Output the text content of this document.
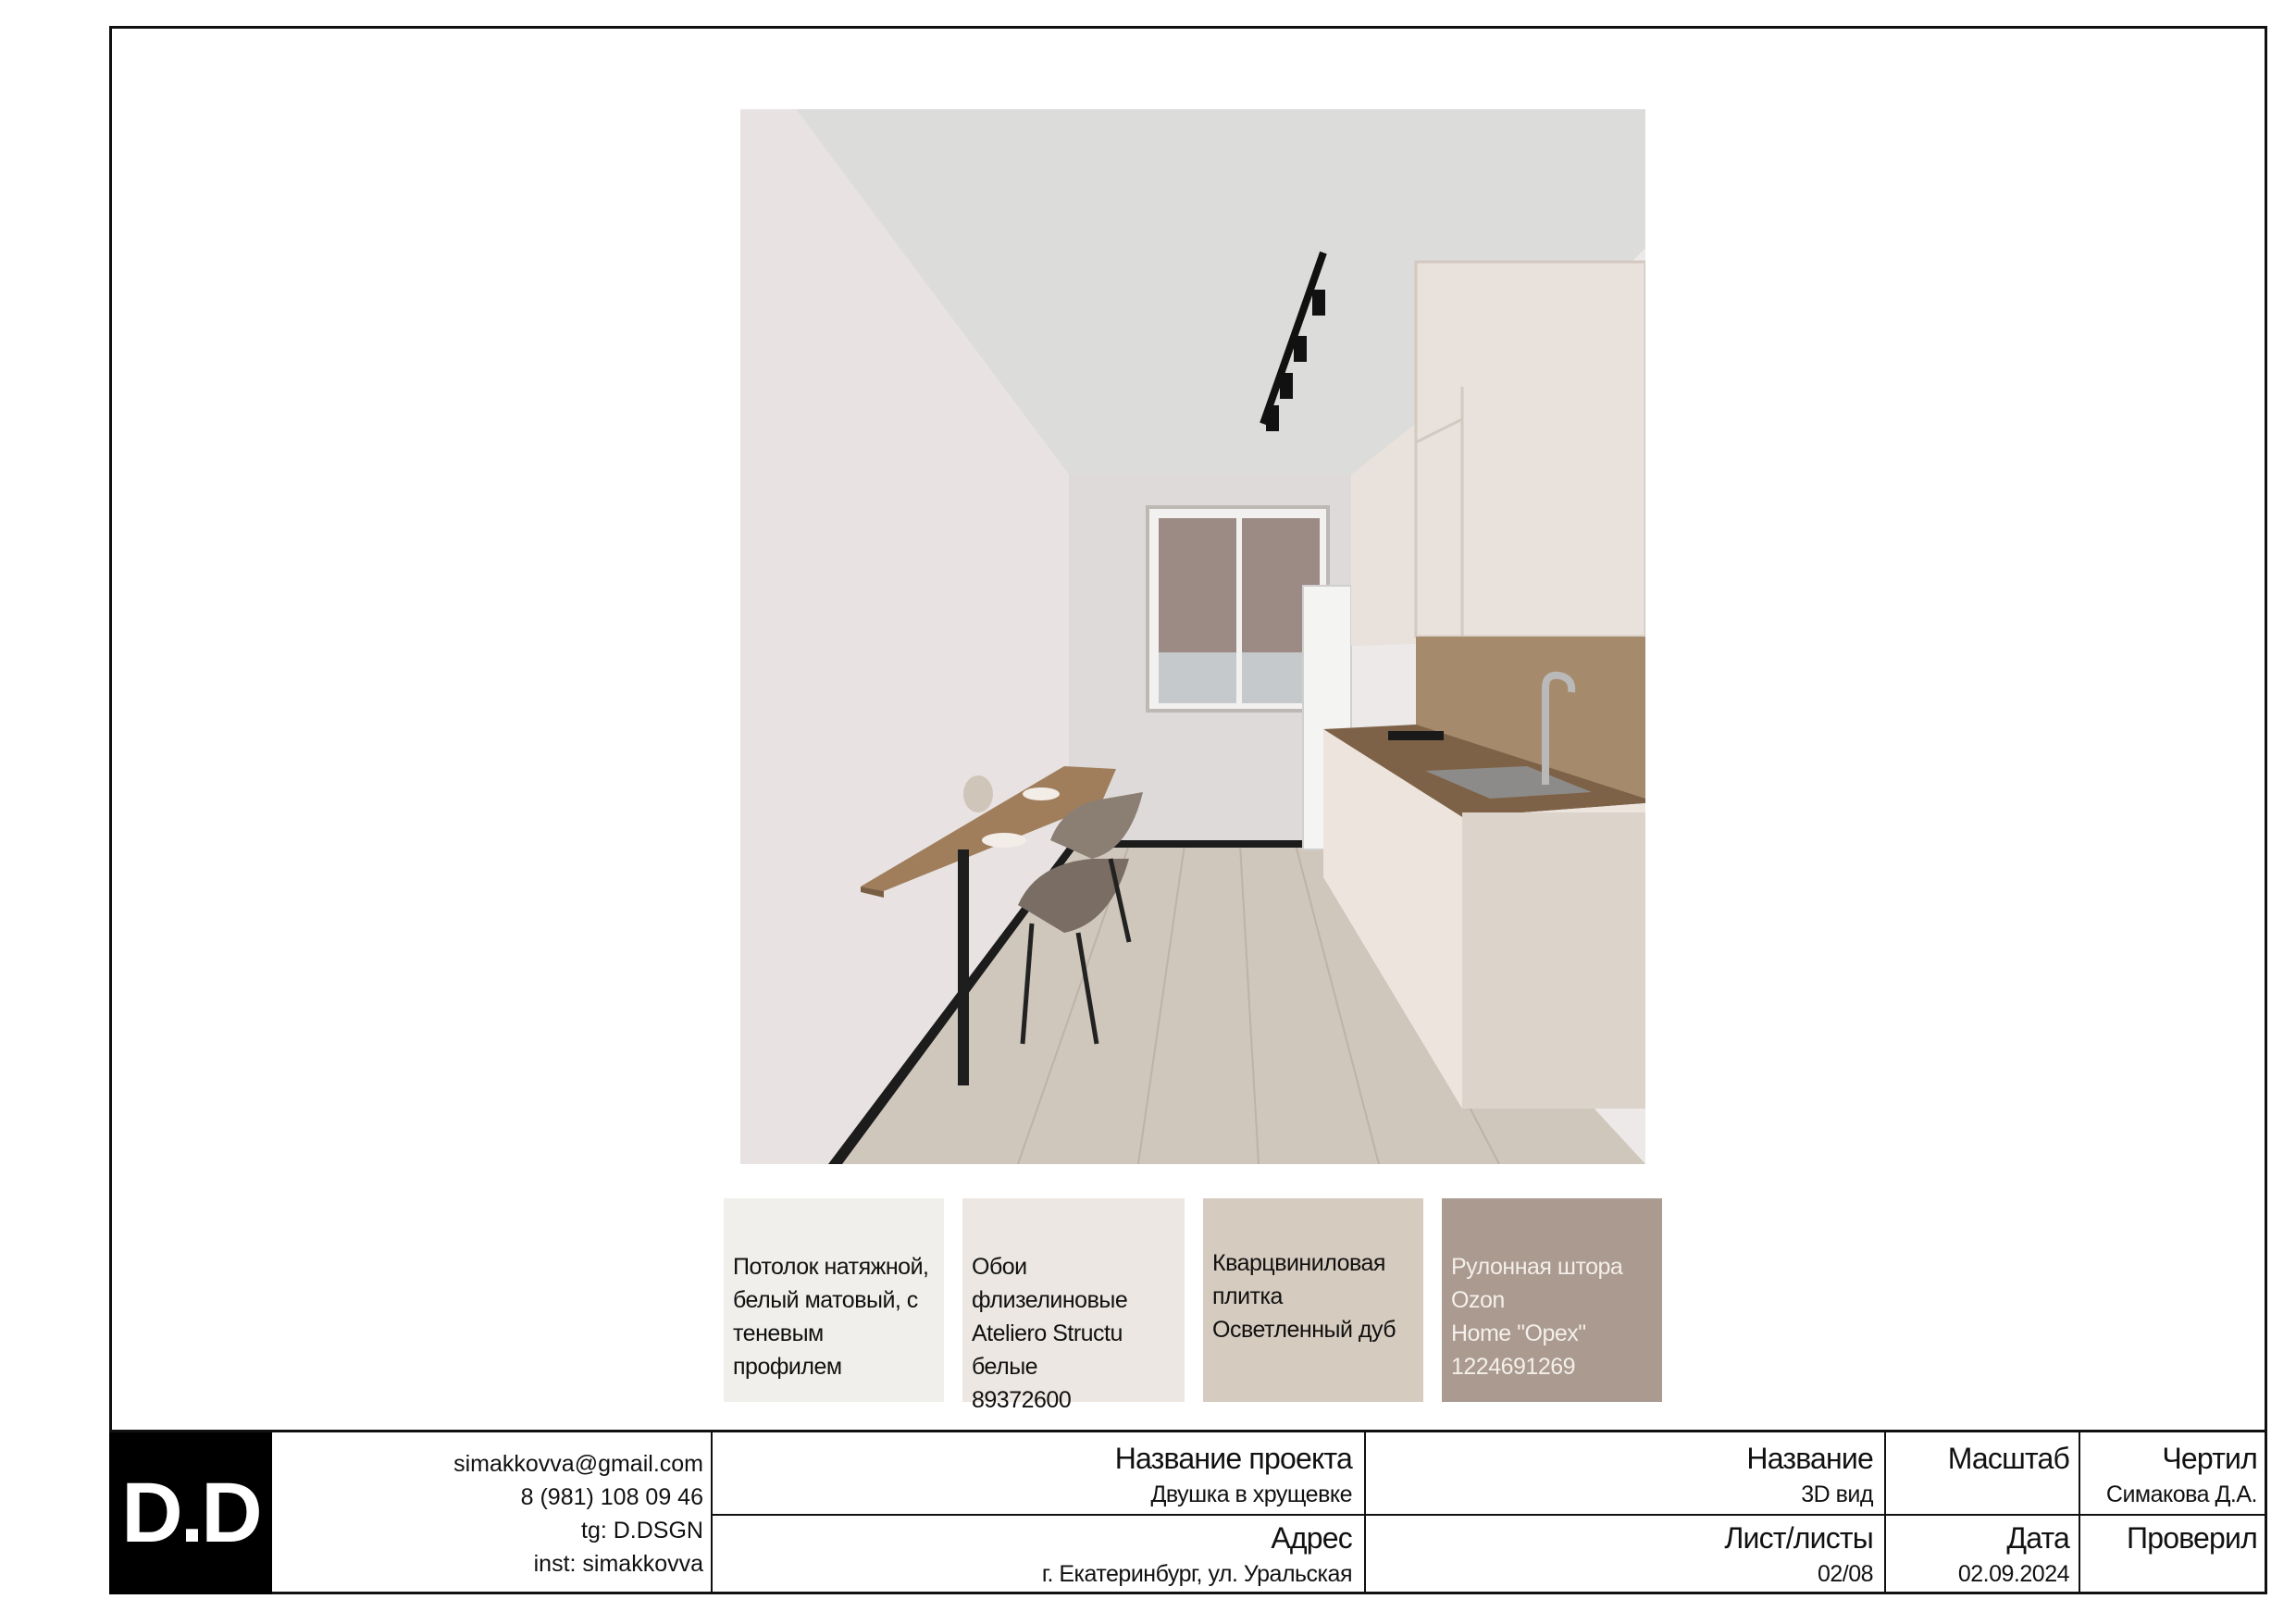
Потолок натяжной,
белый матовый, с
теневым профилем
Обои флизелиновые
Ateliero Structu белые
89372600
Кварцвиниловая
плитка
Осветленный дуб
Рулонная штора Ozon
Home "Opex"
1224691269
D.D
simakkovva@gmail.com
8 (981) 108 09 46
tg: D.DSGN
inst: simakkovva
Название проекта
Двушка в хрущевке
Адрес
г. Екатеринбург, ул. Уральская
Название
3D вид
Лист/листы
02/08
Масштаб
Дата
02.09.2024
Чертил
Симакова Д.А.
Проверил
